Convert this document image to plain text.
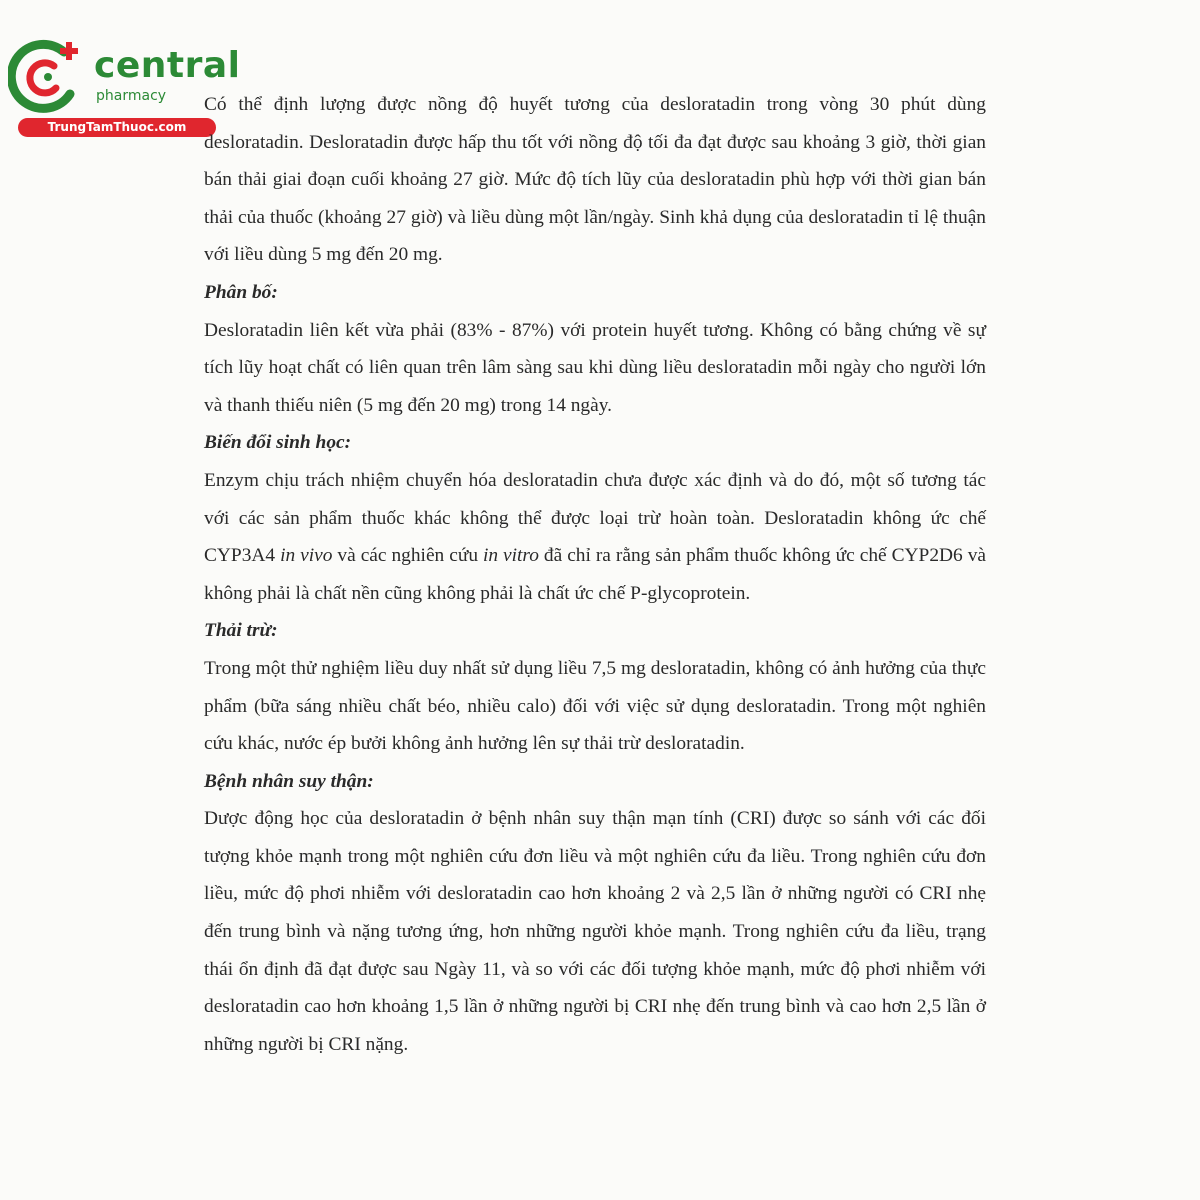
central
pharmacy
TrungTamThuoc.com

Có thể định lượng được nồng độ huyết tương của desloratadin trong vòng 30 phút dùng desloratadin. Desloratadin được hấp thu tốt với nồng độ tối đa đạt được sau khoảng 3 giờ, thời gian bán thải giai đoạn cuối khoảng 27 giờ. Mức độ tích lũy của desloratadin phù hợp với thời gian bán thải của thuốc (khoảng 27 giờ) và liều dùng một lần/ngày. Sinh khả dụng của desloratadin tỉ lệ thuận với liều dùng 5 mg đến 20 mg.

Phân bố:

Desloratadin liên kết vừa phải (83% - 87%) với protein huyết tương. Không có bằng chứng về sự tích lũy hoạt chất có liên quan trên lâm sàng sau khi dùng liều desloratadin mỗi ngày cho người lớn và thanh thiếu niên (5 mg đến 20 mg) trong 14 ngày.

Biến đổi sinh học:

Enzym chịu trách nhiệm chuyển hóa desloratadin chưa được xác định và do đó, một số tương tác với các sản phẩm thuốc khác không thể được loại trừ hoàn toàn. Desloratadin không ức chế CYP3A4 in vivo và các nghiên cứu in vitro đã chỉ ra rằng sản phẩm thuốc không ức chế CYP2D6 và không phải là chất nền cũng không phải là chất ức chế P-glycoprotein.

Thải trừ:

Trong một thử nghiệm liều duy nhất sử dụng liều 7,5 mg desloratadin, không có ảnh hưởng của thực phẩm (bữa sáng nhiều chất béo, nhiều calo) đối với việc sử dụng desloratadin. Trong một nghiên cứu khác, nước ép bưởi không ảnh hưởng lên sự thải trừ desloratadin.

Bệnh nhân suy thận:

Dược động học của desloratadin ở bệnh nhân suy thận mạn tính (CRI) được so sánh với các đối tượng khỏe mạnh trong một nghiên cứu đơn liều và một nghiên cứu đa liều. Trong nghiên cứu đơn liều, mức độ phơi nhiễm với desloratadin cao hơn khoảng 2 và 2,5 lần ở những người có CRI nhẹ đến trung bình và nặng tương ứng, hơn những người khỏe mạnh. Trong nghiên cứu đa liều, trạng thái ổn định đã đạt được sau Ngày 11, và so với các đối tượng khỏe mạnh, mức độ phơi nhiễm với desloratadin cao hơn khoảng 1,5 lần ở những người bị CRI nhẹ đến trung bình và cao hơn 2,5 lần ở những người bị CRI nặng.
